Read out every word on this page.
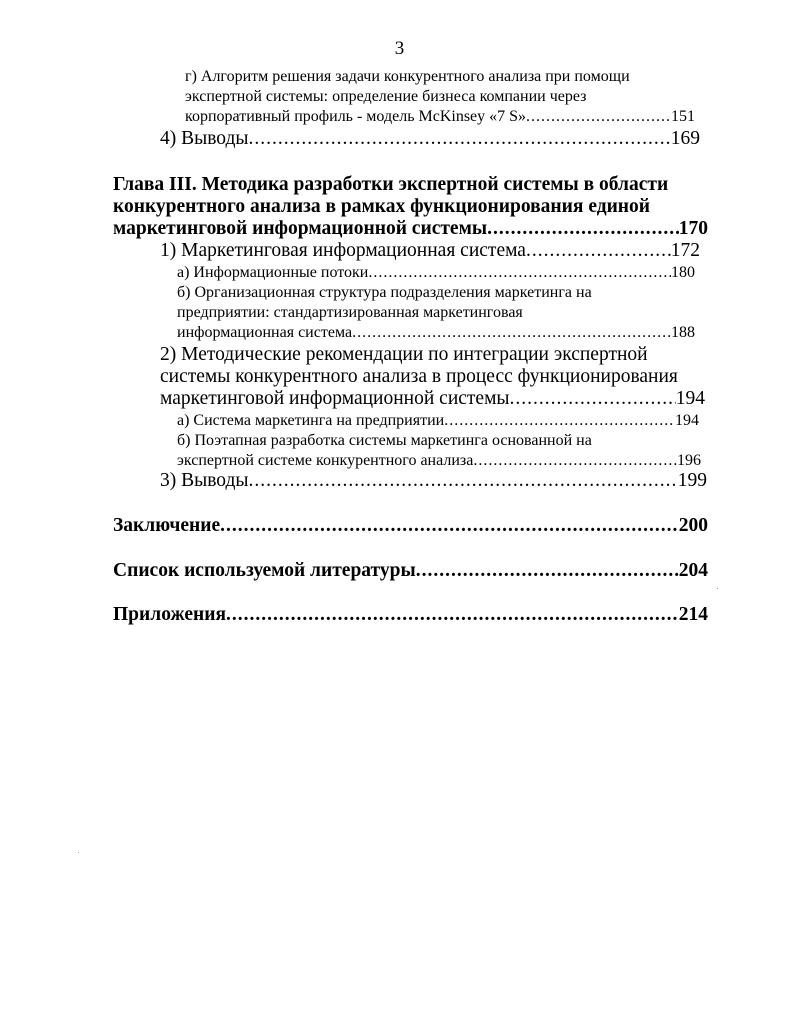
3
г) Алгоритм решения задачи конкурентного анализа при помощи
экспертной системы: определение бизнеса компании через
корпоративный профиль - модель McKinsey «7 S» .....	151
4) Выводы .....	169
Глава III. Методика разработки экспертной системы в области
конкурентного анализа в рамках функционирования единой
маркетинговой информационной системы .....	170
1) Маркетинговая информационная система .....	172
а) Информационные потоки .....	180
б) Организационная структура подразделения маркетинга на
предприятии: стандартизированная маркетинговая
информационная система .....	188
2) Методические рекомендации по интеграции экспертной
системы конкурентного анализа в процесс функционирования
маркетинговой информационной системы .....	194
а) Система маркетинга на предприятии .....	194
б) Поэтапная разработка системы маркетинга основанной на
экспертной системе конкурентного анализа .....	196
3) Выводы .....	199
Заключение .....	200
Список используемой литературы .....	204
Приложения .....	214
